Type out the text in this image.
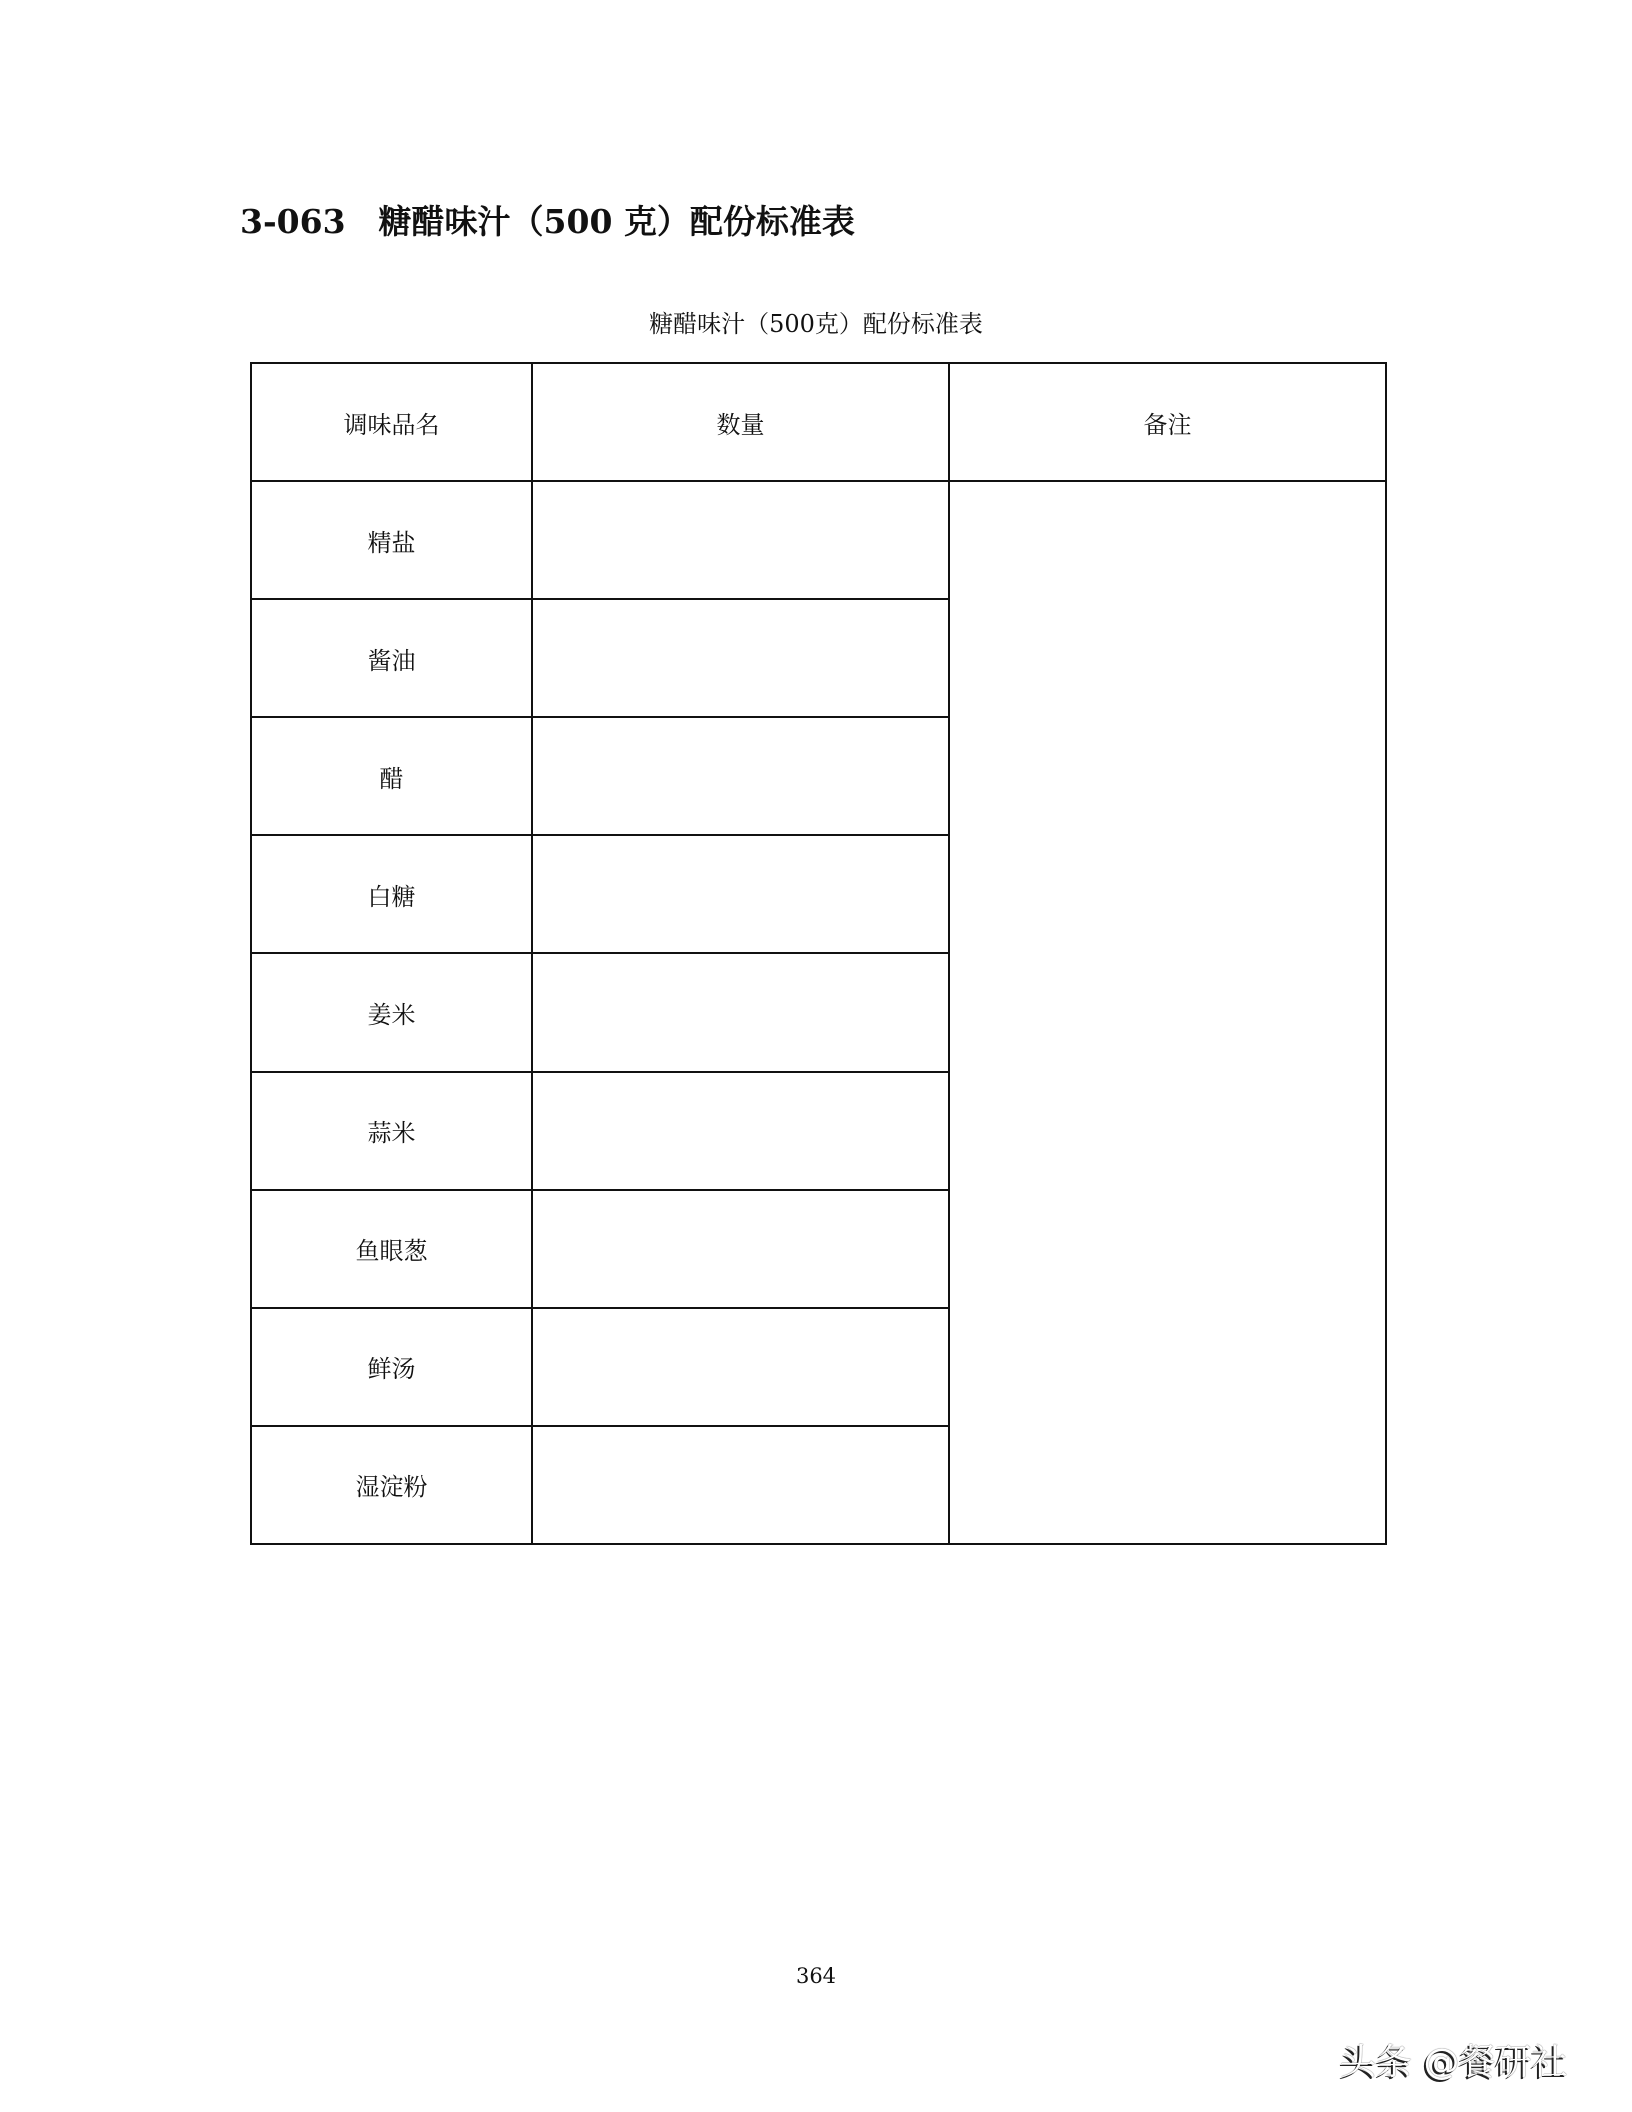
3-063　糖醋味汁（500 克）配份标准表
糖醋味汁（500克）配份标准表
调味品名	数量	备注
精盐		
酱油		
醋		
白糖		
姜米		
蒜米		
鱼眼葱		
鲜汤		
湿淀粉		
364
头条 @餐研社
